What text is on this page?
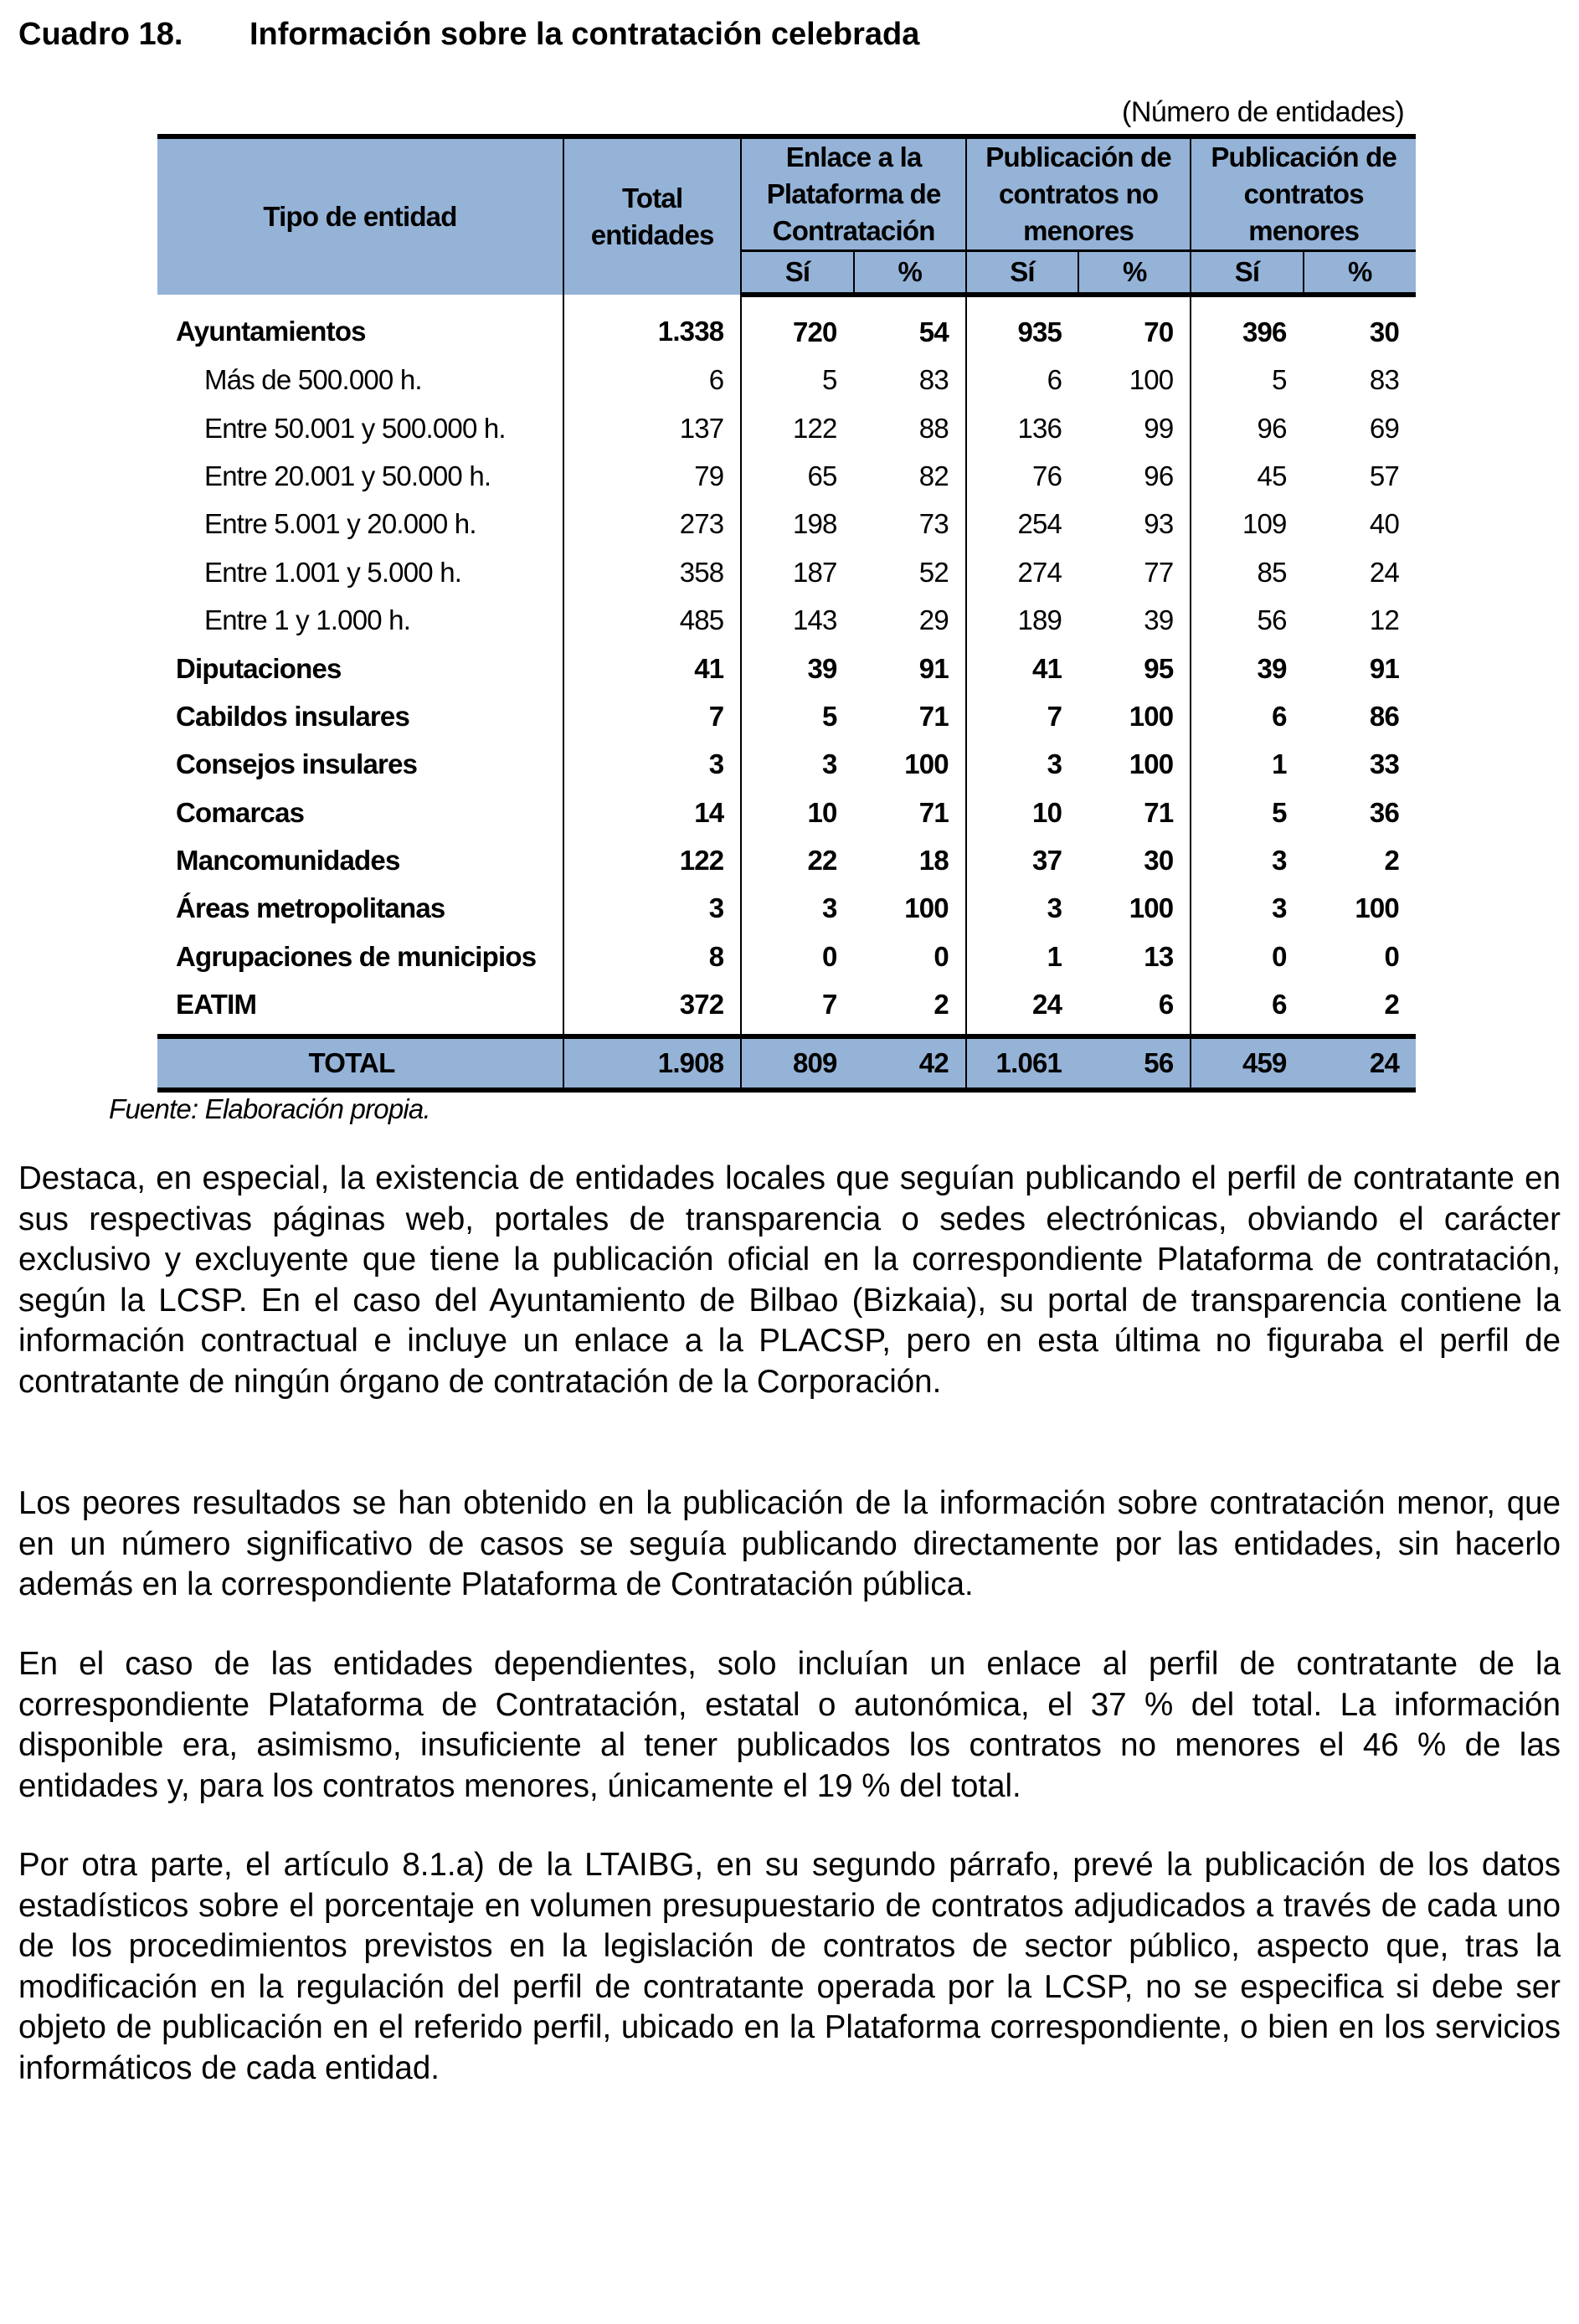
Cuadro 18. Información sobre la contratación celebrada
(Número de entidades)
Tipo de entidad	Total entidades	Enlace a la Plataforma de Contratación		Publicación de contratos no menores		Publicación de contratos menores	
		Sí	%	Sí	%	Sí	%
Ayuntamientos	1.338	720	54	935	70	396	30
Más de 500.000 h.	6	5	83	6	100	5	83
Entre 50.001 y 500.000 h.	137	122	88	136	99	96	69
Entre 20.001 y 50.000 h.	79	65	82	76	96	45	57
Entre 5.001 y 20.000 h.	273	198	73	254	93	109	40
Entre 1.001 y 5.000 h.	358	187	52	274	77	85	24
Entre 1 y 1.000 h.	485	143	29	189	39	56	12
Diputaciones	41	39	91	41	95	39	91
Cabildos insulares	7	5	71	7	100	6	86
Consejos insulares	3	3	100	3	100	1	33
Comarcas	14	10	71	10	71	5	36
Mancomunidades	122	22	18	37	30	3	2
Áreas metropolitanas	3	3	100	3	100	3	100
Agrupaciones de municipios	8	0	0	1	13	0	0
EATIM	372	7	2	24	6	6	2
TOTAL	1.908	809	42	1.061	56	459	24
Fuente: Elaboración propia.

Destaca, en especial, la existencia de entidades locales que seguían publicando el perfil de contratante en sus respectivas páginas web, portales de transparencia o sedes electrónicas, obviando el carácter exclusivo y excluyente que tiene la publicación oficial en la correspondiente Plataforma de contratación, según la LCSP. En el caso del Ayuntamiento de Bilbao (Bizkaia), su portal de transparencia contiene la información contractual e incluye un enlace a la PLACSP, pero en esta última no figuraba el perfil de contratante de ningún órgano de contratación de la Corporación.

Los peores resultados se han obtenido en la publicación de la información sobre contratación menor, que en un número significativo de casos se seguía publicando directamente por las entidades, sin hacerlo además en la correspondiente Plataforma de Contratación pública.

En el caso de las entidades dependientes, solo incluían un enlace al perfil de contratante de la correspondiente Plataforma de Contratación, estatal o autonómica, el 37 % del total. La información disponible era, asimismo, insuficiente al tener publicados los contratos no menores el 46 % de las entidades y, para los contratos menores, únicamente el 19 % del total.

Por otra parte, el artículo 8.1.a) de la LTAIBG, en su segundo párrafo, prevé la publicación de los datos estadísticos sobre el porcentaje en volumen presupuestario de contratos adjudicados a través de cada uno de los procedimientos previstos en la legislación de contratos de sector público, aspecto que, tras la modificación en la regulación del perfil de contratante operada por la LCSP, no se especifica si debe ser objeto de publicación en el referido perfil, ubicado en la Plataforma correspondiente, o bien en los servicios informáticos de cada entidad.
